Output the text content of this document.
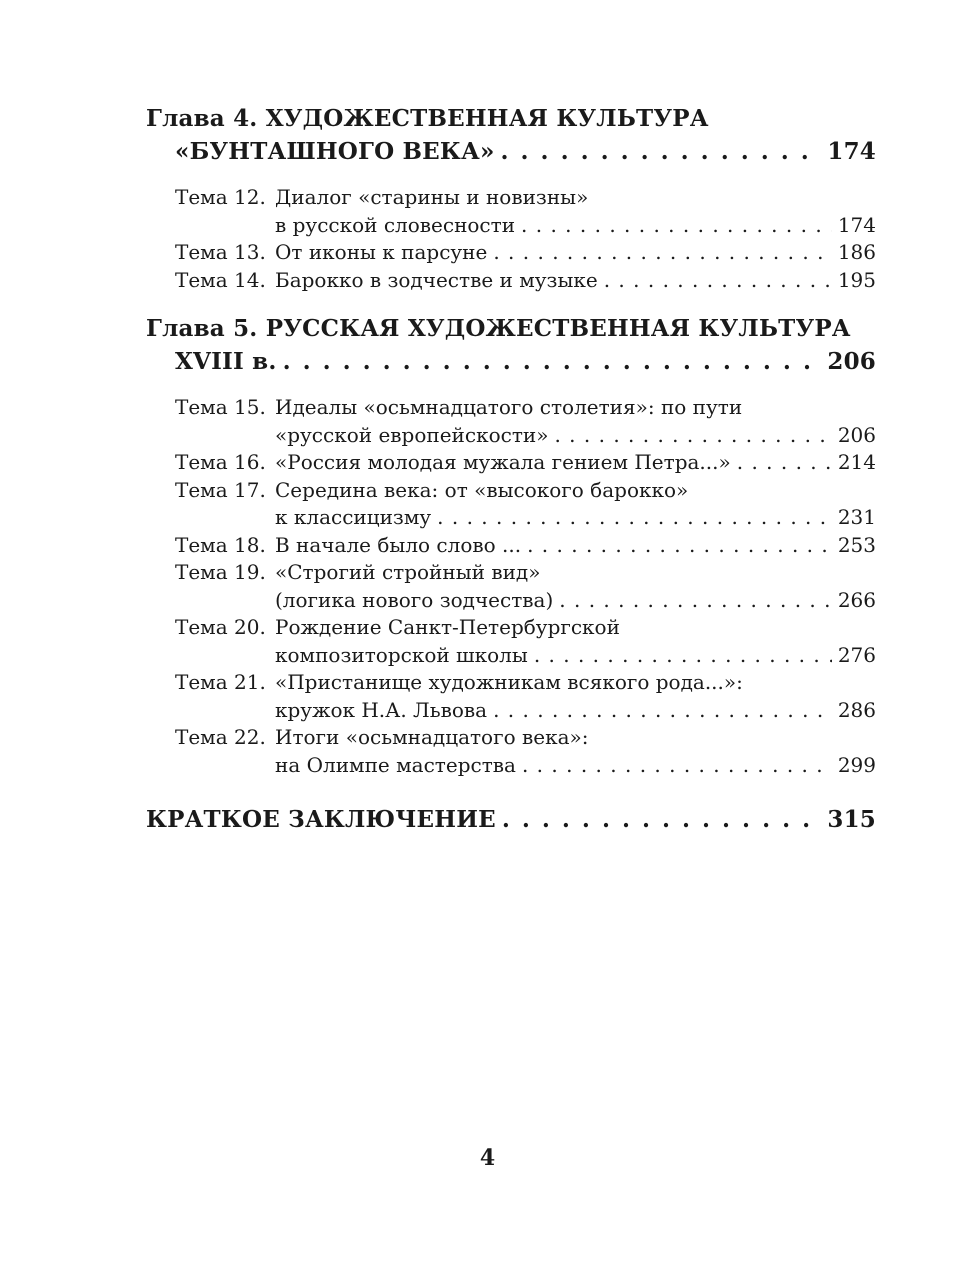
Глава 4.
ХУДОЖЕСТВЕННАЯ КУЛЬТУРА
«БУНТАШНОГО ВЕКА» . . .	174
Тема 12. Диалог «старины и новизны»
в русской словесности . . .	174
Тема 13. От иконы к парсуне . . .	186
Тема 14. Барокко в зодчестве и музыке . . .	195
Глава 5.
РУССКАЯ ХУДОЖЕСТВЕННАЯ КУЛЬТУРА
XVIII в. . . .	206
Тема 15. Идеалы «осьмнадцатого столетия»: по пути
«русской европейскости» . . .	206
Тема 16. «Россия молодая мужала гением Петра...» . . .	214
Тема 17. Середина века: от «высокого барокко»
к классицизму . . .	231
Тема 18. В начале было слово ... . . .	253
Тема 19. «Строгий стройный вид»
(логика нового зодчества) . . .	266
Тема 20. Рождение Санкт-Петербургской
композиторской школы . . .	276
Тема 21. «Пристанище художникам всякого рода...»:
кружок Н.А. Львова . . .	286
Тема 22. Итоги «осьмнадцатого века»:
на Олимпе мастерства . . .	299
КРАТКОЕ ЗАКЛЮЧЕНИЕ . . .	315
4
